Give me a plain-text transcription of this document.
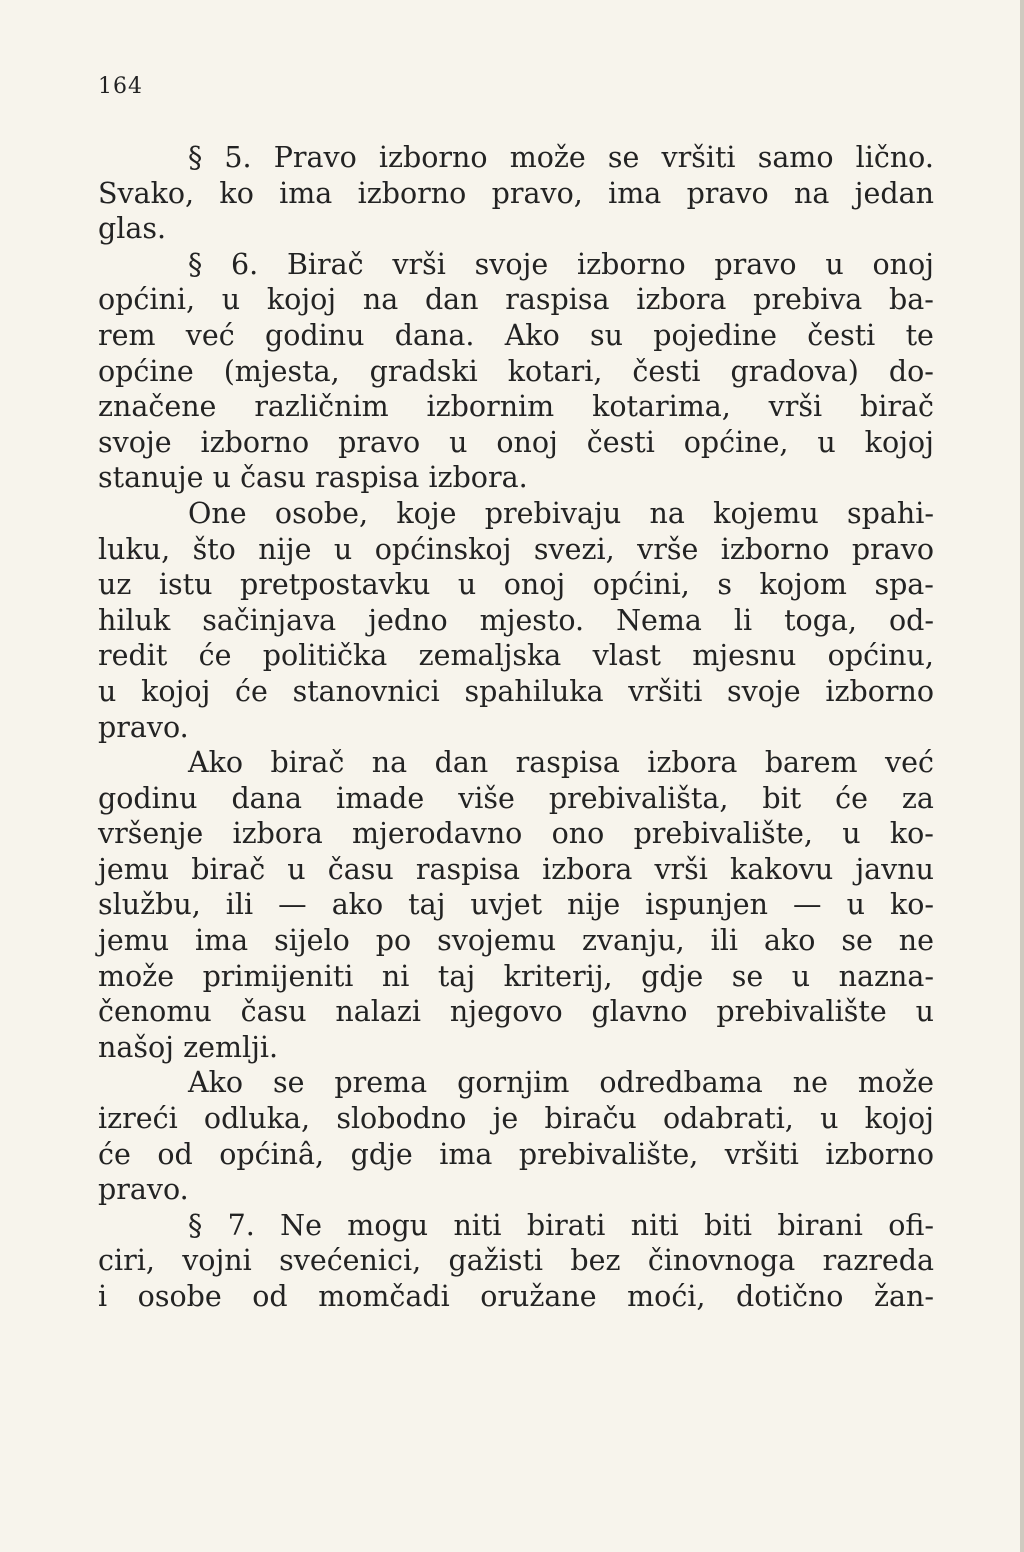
164
§ 5. Pravo izborno može se vršiti samo lično.
Svako, ko ima izborno pravo, ima pravo na jedan
glas.
§ 6. Birač vrši svoje izborno pravo u onoj
općini, u kojoj na dan raspisa izbora prebiva ba-
rem već godinu dana. Ako su pojedine česti te
općine (mjesta, gradski kotari, česti gradova) do-
značene različnim izbornim kotarima, vrši birač
svoje izborno pravo u onoj česti općine, u kojoj
stanuje u času raspisa izbora.
One osobe, koje prebivaju na kojemu spahi-
luku, što nije u općinskoj svezi, vrše izborno pravo
uz istu pretpostavku u onoj općini, s kojom spa-
hiluk sačinjava jedno mjesto. Nema li toga, od-
redit će politička zemaljska vlast mjesnu općinu,
u kojoj će stanovnici spahiluka vršiti svoje izborno
pravo.
Ako birač na dan raspisa izbora barem već
godinu dana imade više prebivališta, bit će za
vršenje izbora mjerodavno ono prebivalište, u ko-
jemu birač u času raspisa izbora vrši kakovu javnu
službu, ili — ako taj uvjet nije ispunjen — u ko-
jemu ima sijelo po svojemu zvanju, ili ako se ne
može primijeniti ni taj kriterij, gdje se u nazna-
čenomu času nalazi njegovo glavno prebivalište u
našoj zemlji.
Ako se prema gornjim odredbama ne može
izreći odluka, slobodno je biraču odabrati, u kojoj
će od općinâ, gdje ima prebivalište, vršiti izborno
pravo.
§ 7. Ne mogu niti birati niti biti birani ofi-
ciri, vojni svećenici, gažisti bez činovnoga razreda
i osobe od momčadi oružane moći, dotično žan-
